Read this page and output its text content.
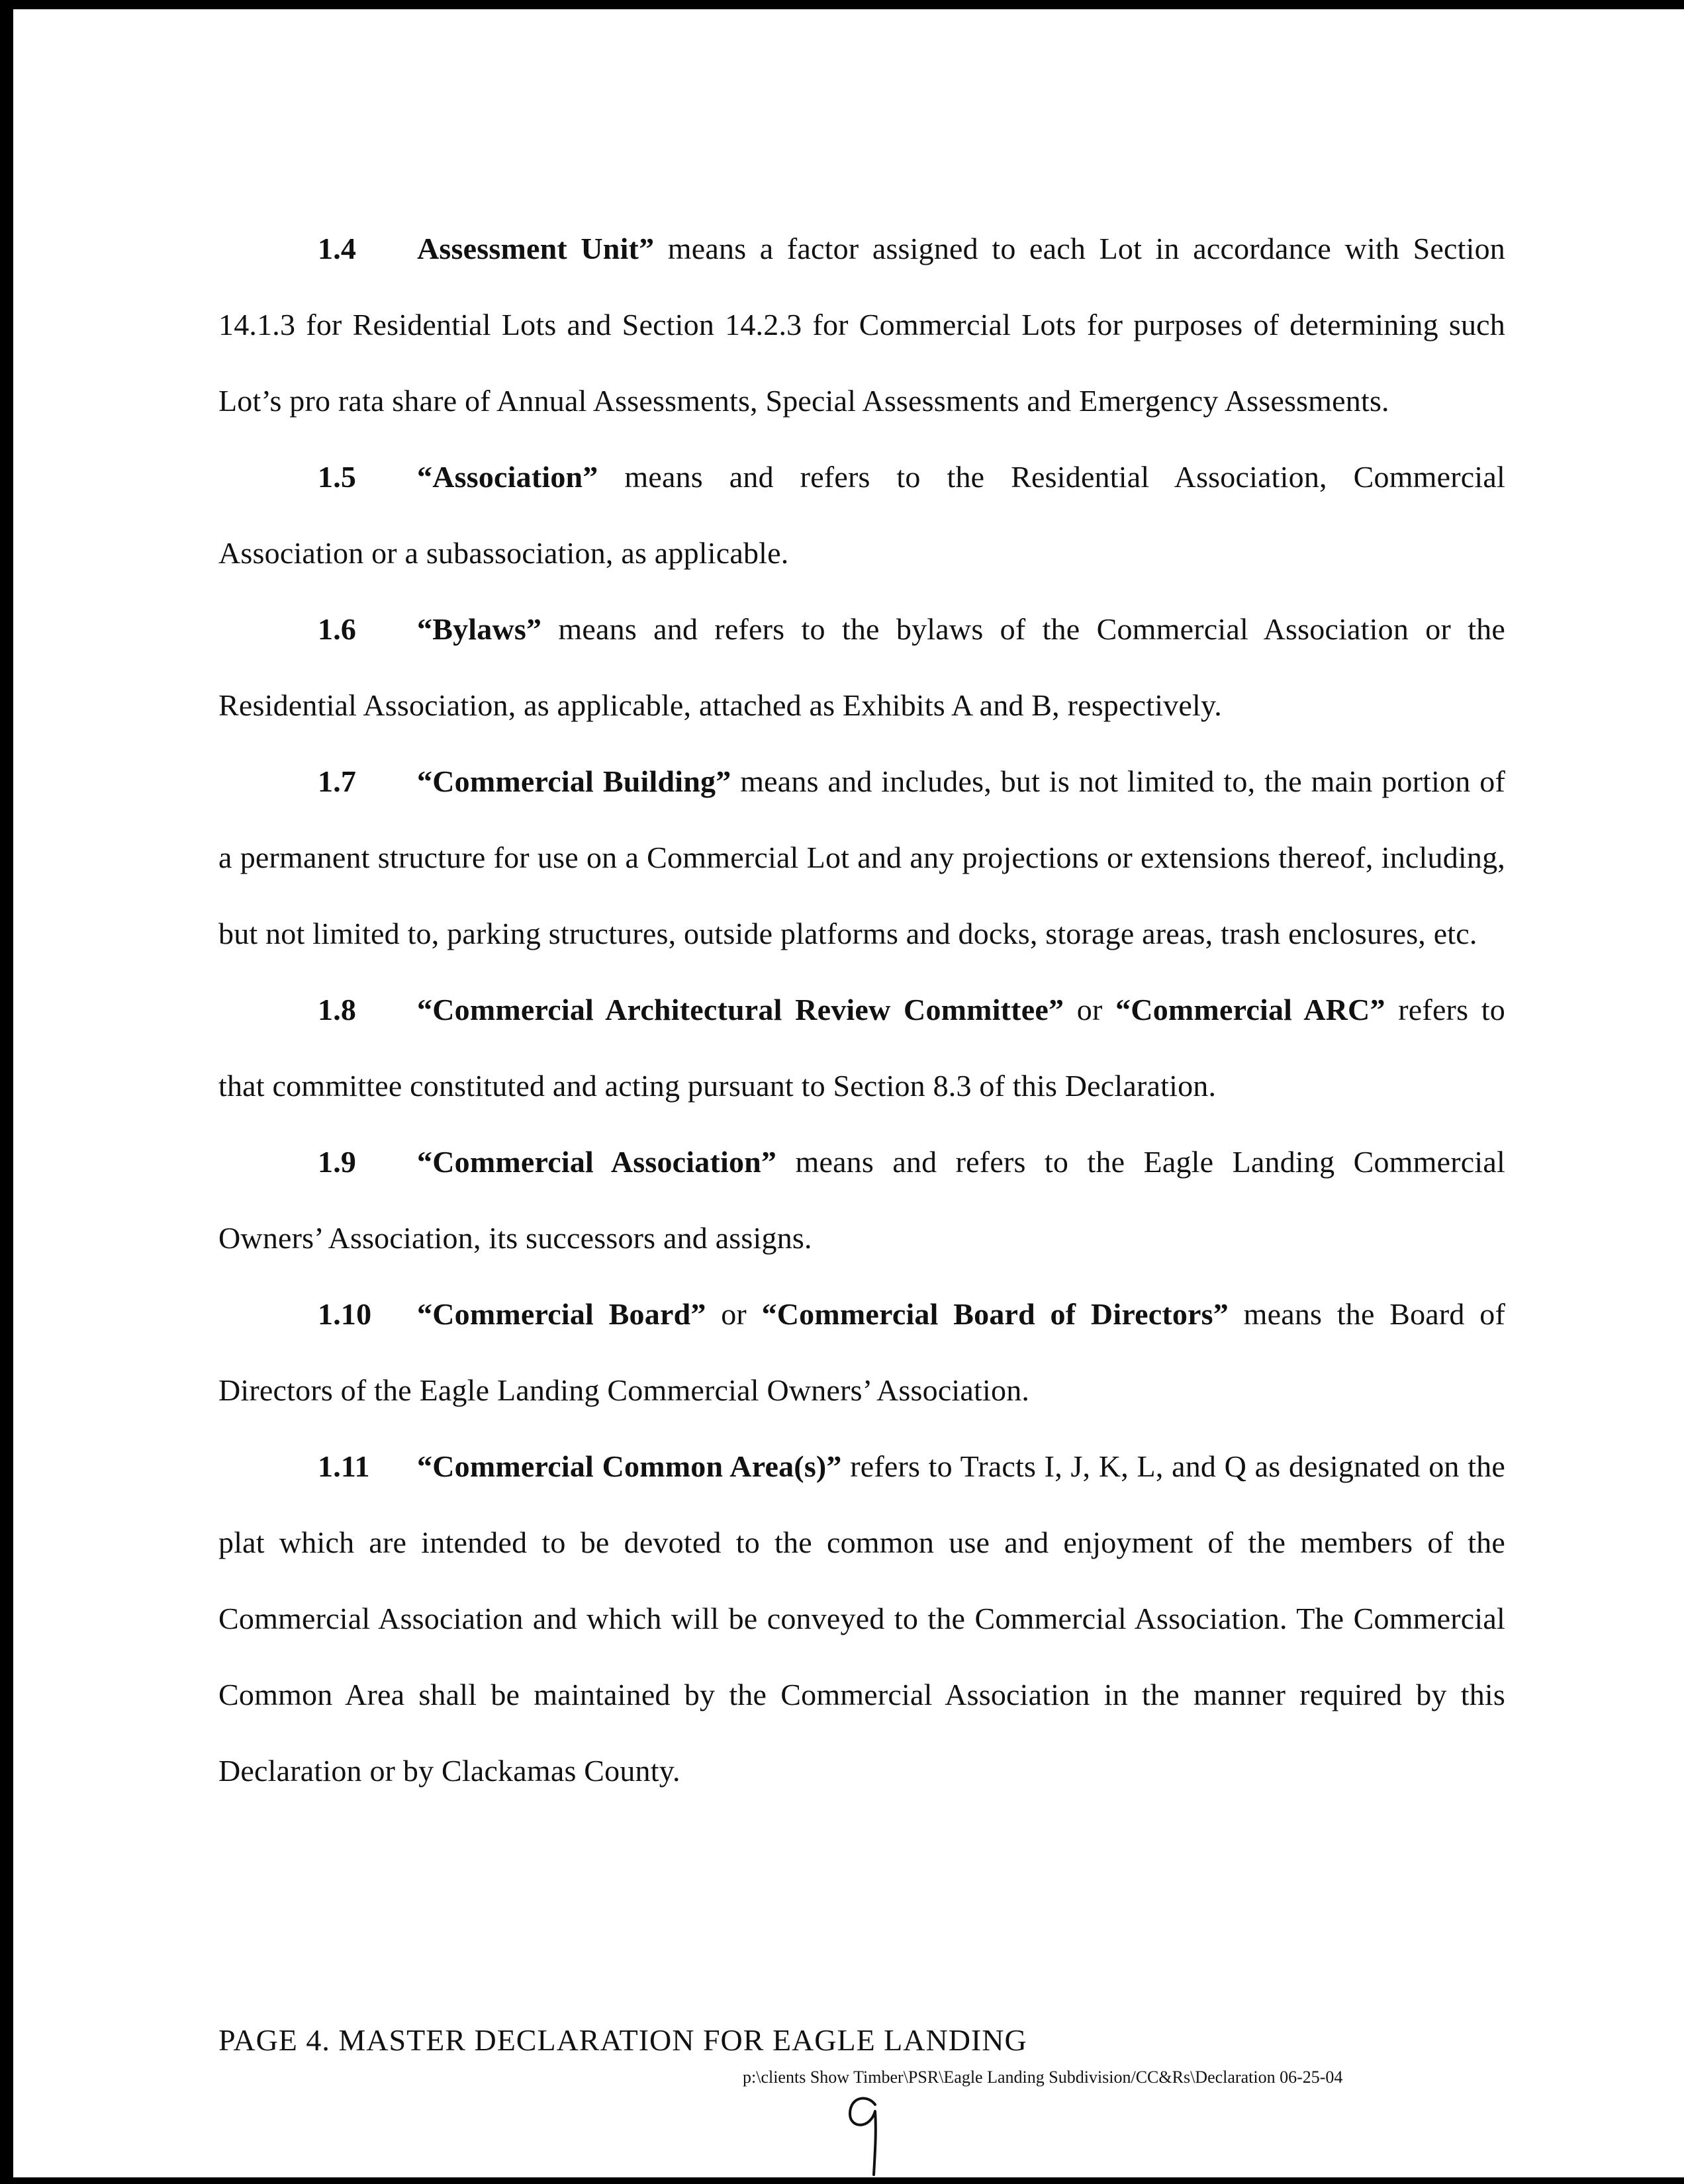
1.4 Assessment Unit” means a factor assigned to each Lot in accordance with Section 14.1.3 for Residential Lots and Section 14.2.3 for Commercial Lots for purposes of determining such Lot’s pro rata share of Annual Assessments, Special Assessments and Emergency Assessments.

1.5 “Association” means and refers to the Residential Association, Commercial Association or a subassociation, as applicable.

1.6 “Bylaws” means and refers to the bylaws of the Commercial Association or the Residential Association, as applicable, attached as Exhibits A and B, respectively.

1.7 “Commercial Building” means and includes, but is not limited to, the main portion of a permanent structure for use on a Commercial Lot and any projections or extensions thereof, including, but not limited to, parking structures, outside platforms and docks, storage areas, trash enclosures, etc.

1.8 “Commercial Architectural Review Committee” or “Commercial ARC” refers to that committee constituted and acting pursuant to Section 8.3 of this Declaration.

1.9 “Commercial Association” means and refers to the Eagle Landing Commercial Owners’ Association, its successors and assigns.

1.10 “Commercial Board” or “Commercial Board of Directors” means the Board of Directors of the Eagle Landing Commercial Owners’ Association.

1.11 “Commercial Common Area(s)” refers to Tracts I, J, K, L, and Q as designated on the plat which are intended to be devoted to the common use and enjoyment of the members of the Commercial Association and which will be conveyed to the Commercial Association. The Commercial Common Area shall be maintained by the Commercial Association in the manner required by this Declaration or by Clackamas County.

PAGE 4. MASTER DECLARATION FOR EAGLE LANDING
p:\clients Show Timber\PSR\Eagle Landing Subdivision/CC&Rs\Declaration 06-25-04
